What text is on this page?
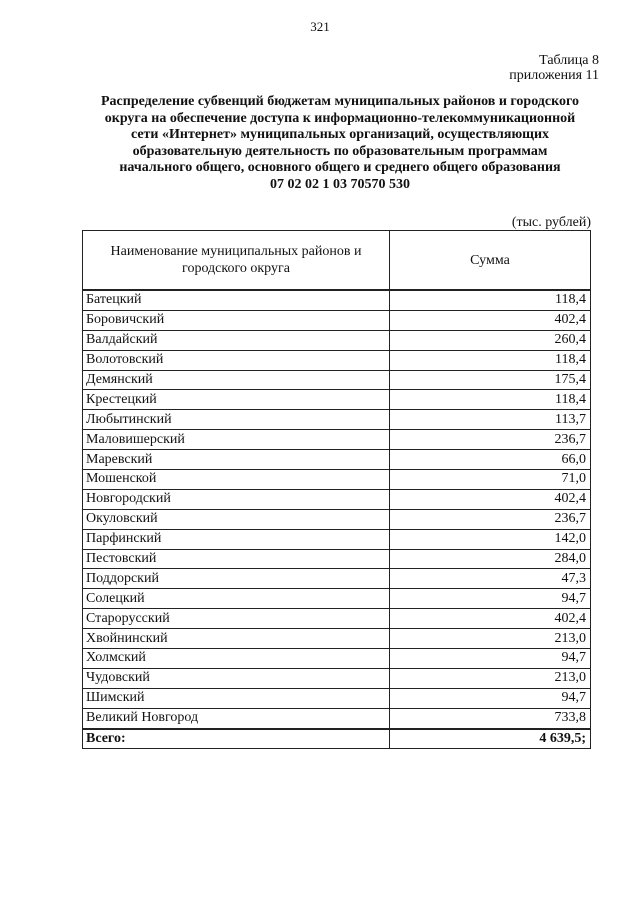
321
Таблица 8
приложения 11
Распределение субвенций бюджетам муниципальных районов и городского
округа на обеспечение доступа к информационно-телекоммуникационной
сети «Интернет» муниципальных организаций, осуществляющих
образовательную деятельность по образовательным программам
начального общего, основного общего и среднего общего образования
07 02 02 1 03 70570 530
(тыс. рублей)
Наименование муниципальных районов и городского округа	Сумма
Батецкий	118,4
Боровичский	402,4
Валдайский	260,4
Волотовский	118,4
Демянский	175,4
Крестецкий	118,4
Любытинский	113,7
Маловишерский	236,7
Маревский	66,0
Мошенской	71,0
Новгородский	402,4
Окуловский	236,7
Парфинский	142,0
Пестовский	284,0
Поддорский	47,3
Солецкий	94,7
Старорусский	402,4
Хвойнинский	213,0
Холмский	94,7
Чудовский	213,0
Шимский	94,7
Великий Новгород	733,8
Всего:	4 639,5;
